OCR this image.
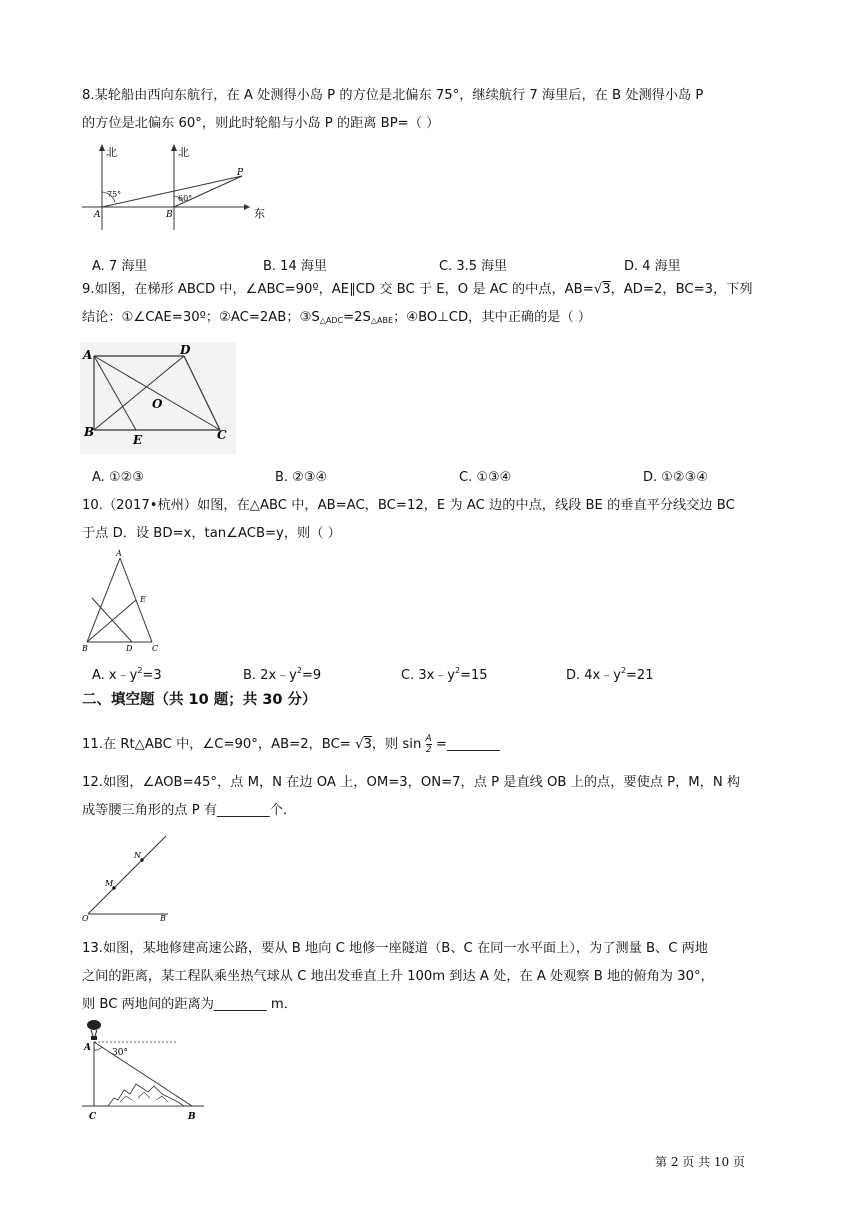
8.某轮船由西向东航行，在 A 处测得小岛 P 的方位是北偏东 75°，继续航行 7 海里后，在 B 处测得小岛 P
的方位是北偏东 60°，则此时轮船与小岛 P 的距离 BP=（ ）
北	北
东
A	B
P
75°	60°
A. 7 海里	B. 14 海里	C. 3.5 海里	D. 4 海里
9.如图，在梯形 ABCD 中，∠ABC=90º，AE∥CD 交 BC 于 E，O 是 AC 的中点，AB=√3，AD=2，BC=3，下列
结论：①∠CAE=30º；②AC=2AB；$③S_{\triangle ADC}=2S_{\triangle ABE}$；④BO⊥CD，其中正确的是（ ）
A	D
B
E
O
C
A. ①②③	B. ②③④	C. ①③④	D. ①②③④
10.（2017•杭州）如图，在△ABC 中，AB=AC，BC=12，E 为 AC 边的中点，线段 BE 的垂直平分线交边 BC
于点 D．设 BD=x，tan∠ACB=y，则（ ）
A
B	C
D
E
A. $x﹣y^2=3$	B. $2x﹣y^2=9$	C. $3x﹣y^2=15$	D. $4x﹣y^2=21$
二、填空题（共 10 题；共 30 分）
11.在 Rt△ABC 中，∠C=90°，AB=2，BC= √3，则 $\sin \frac{A}{2}$ =________
12.如图，∠AOB=45°，点 M，N 在边 OA 上，OM=3，ON=7，点 P 是直线 OB 上的点，要使点 P，M，N 构
成等腰三角形的点 P 有________个．
O	B
M
N
13.如图，某地修建高速公路，要从 B 地向 C 地修一座隧道（B、C 在同一水平面上），为了测量 B、C 两地
之间的距离，某工程队乘坐热气球从 C 地出发垂直上升 100m 到达 A 处，在 A 处观察 B 地的俯角为 30°，
则 BC 两地间的距离为________ m．
A 30°
C	B
第 2 页 共 10 页
